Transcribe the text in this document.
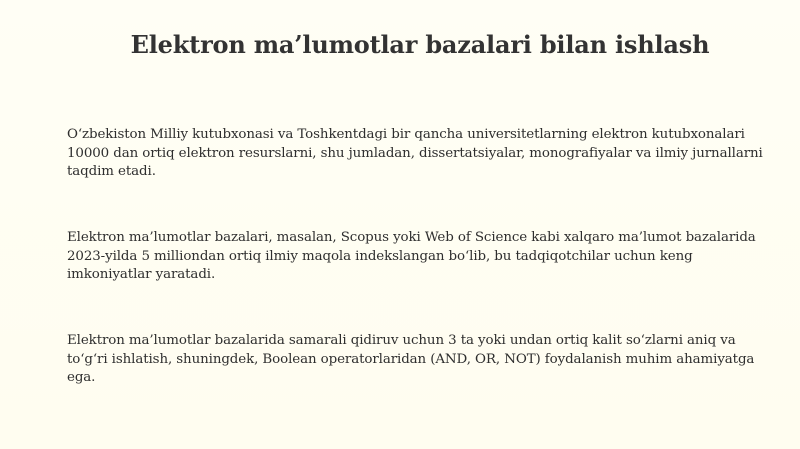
Elektron ma’lumotlar bazalari bilan ishlash

O‘zbekiston Milliy kutubxonasi va Toshkentdagi bir qancha universitetlarning elektron kutubxonalari 10000 dan ortiq elektron resurslarni, shu jumladan, dissertatsiyalar, monografiyalar va ilmiy jurnallarni taqdim etadi.

Elektron ma’lumotlar bazalari, masalan, Scopus yoki Web of Science kabi xalqaro ma’lumot bazalarida 2023-yilda 5 milliondan ortiq ilmiy maqola indekslangan bo‘lib, bu tadqiqotchilar uchun keng imkoniyatlar yaratadi.

Elektron ma’lumotlar bazalarida samarali qidiruv uchun 3 ta yoki undan ortiq kalit so‘zlarni aniq va to‘g‘ri ishlatish, shuningdek, Boolean operatorlaridan (AND, OR, NOT) foydalanish muhim ahamiyatga ega.
